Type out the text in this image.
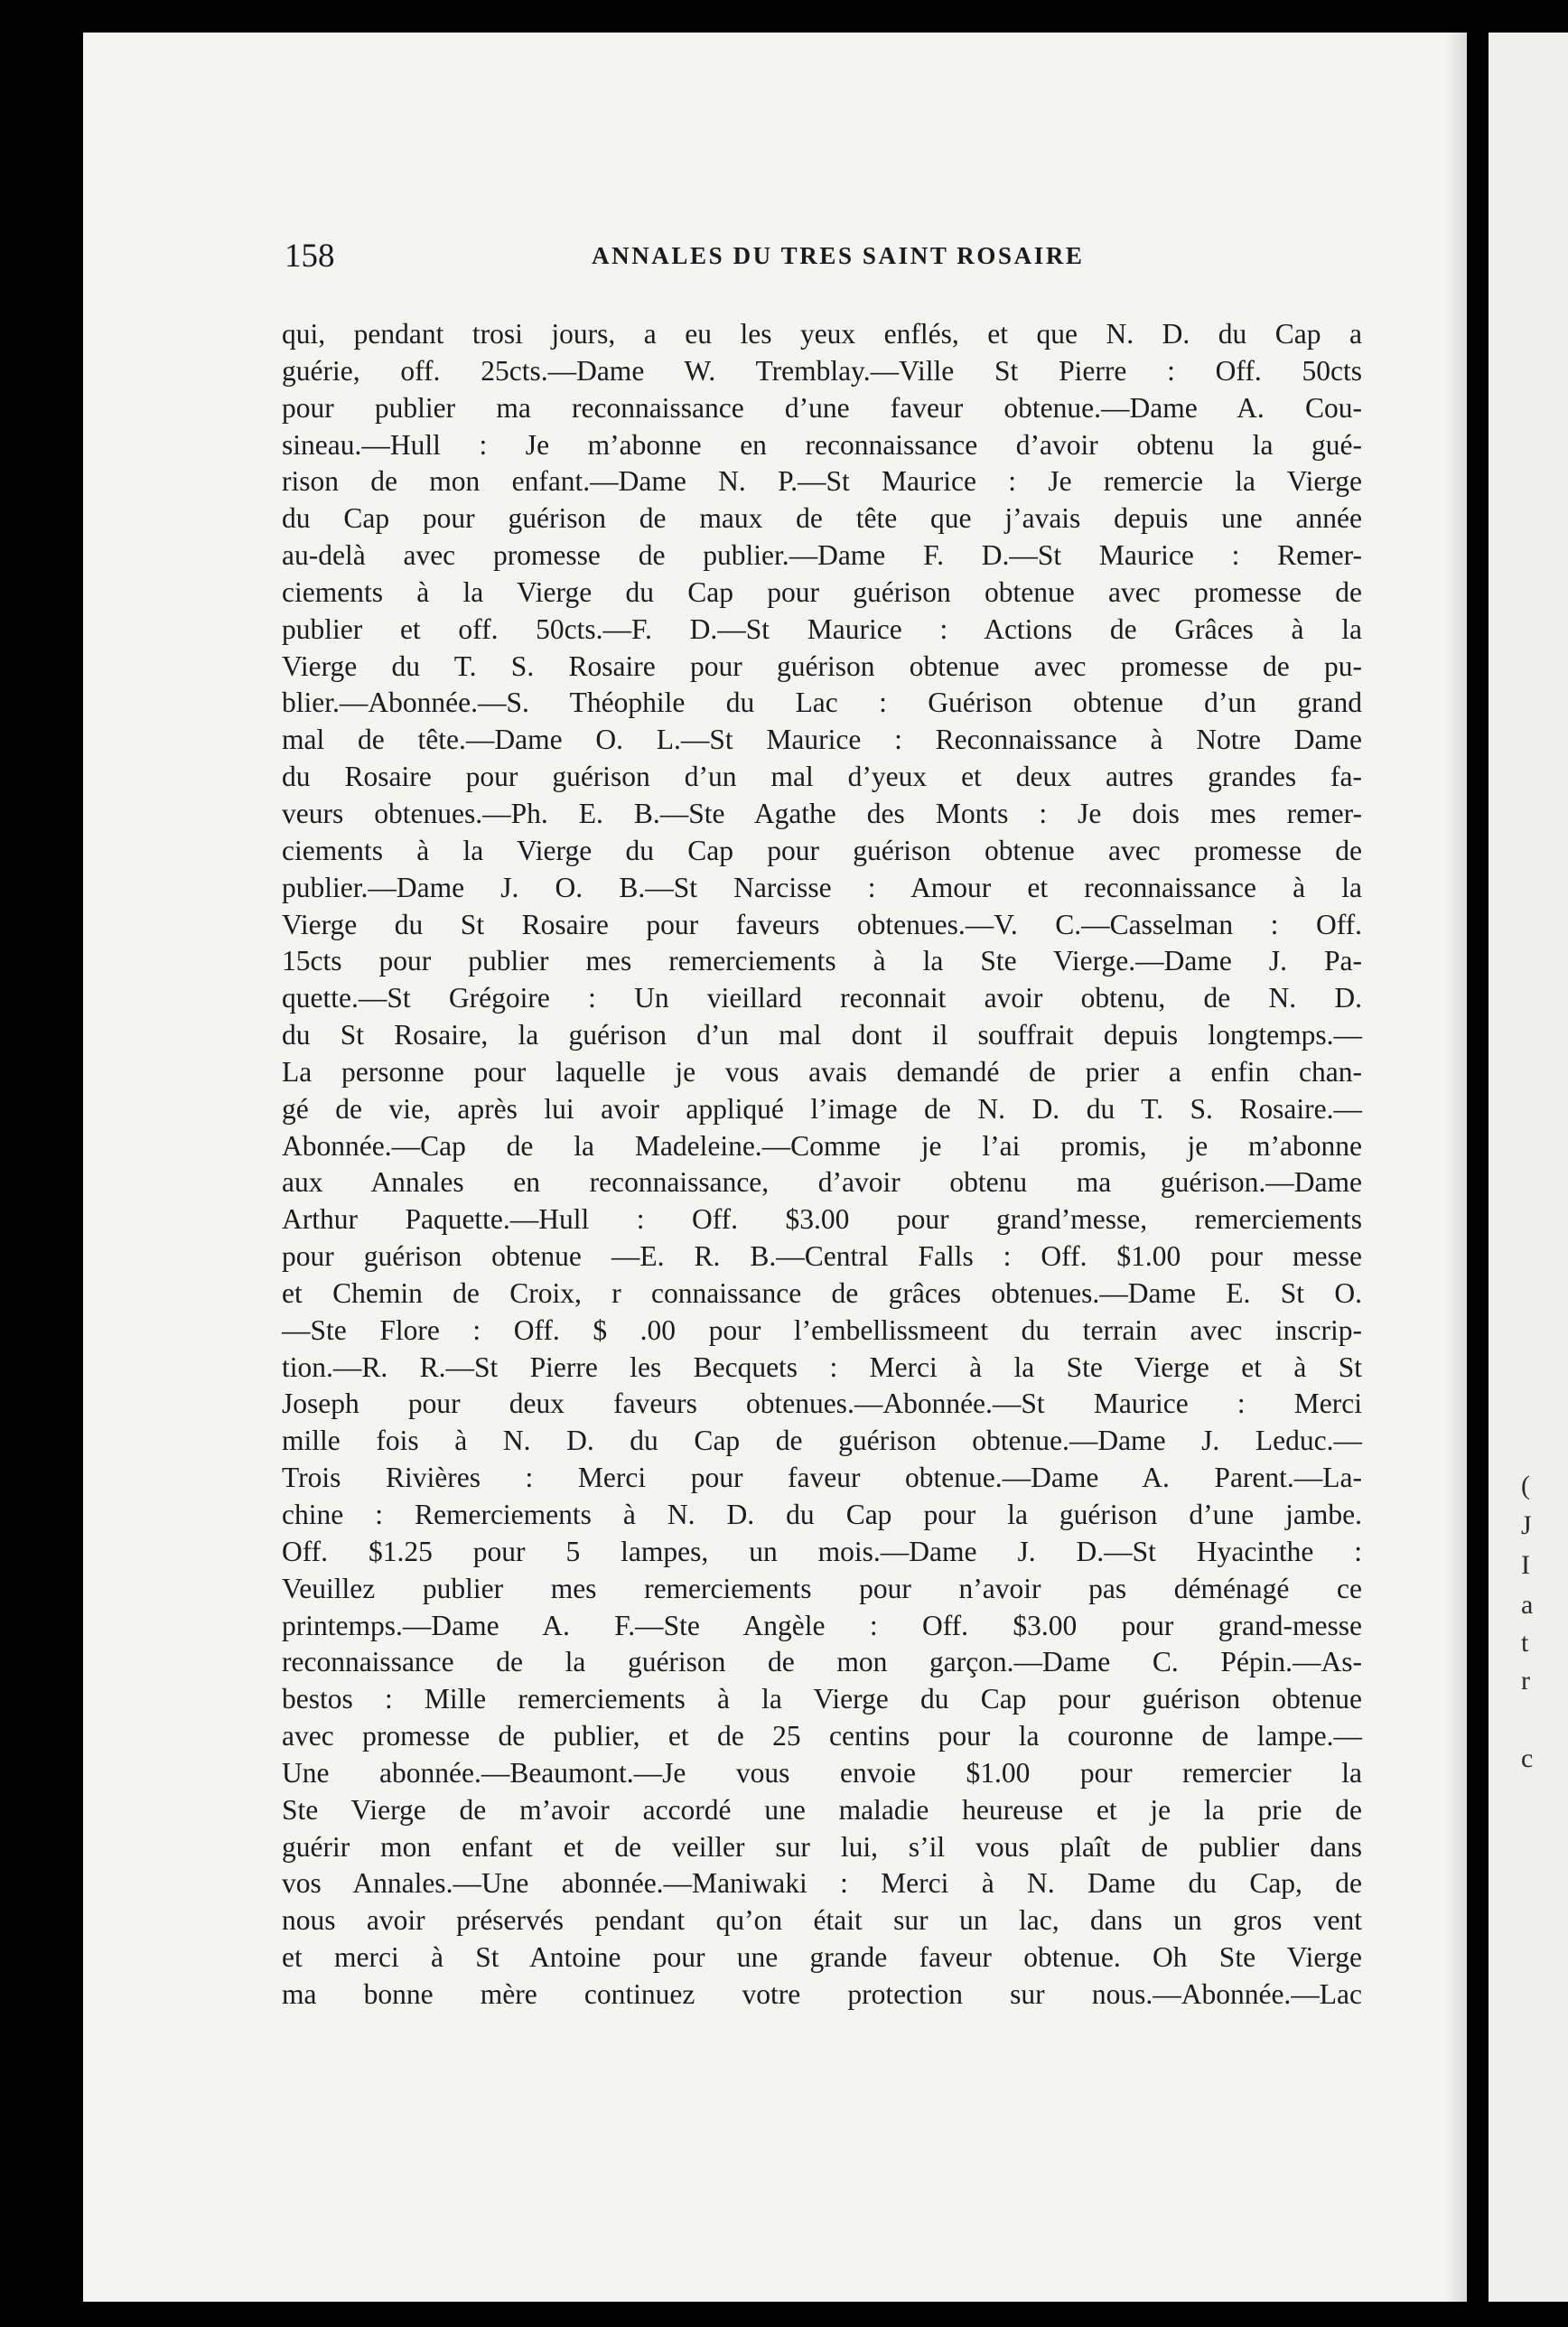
(
J
I
a
t
r
c
158	ANNALES DU TRES SAINT ROSAIRE
qui, pendant trosi jours, a eu les yeux enflés, et que N. D. du Cap a
guérie, off. 25cts.—Dame W. Tremblay.—Ville St Pierre : Off. 50cts
pour publier ma reconnaissance d’une faveur obtenue.—Dame A. Cou-
sineau.—Hull : Je m’abonne en reconnaissance d’avoir obtenu la gué-
rison de mon enfant.—Dame N. P.—St Maurice : Je remercie la Vierge
du Cap pour guérison de maux de tête que j’avais depuis une année
au-delà avec promesse de publier.—Dame F. D.—St Maurice : Remer-
ciements à la Vierge du Cap pour guérison obtenue avec promesse de
publier et off. 50cts.—F. D.—St Maurice : Actions de Grâces à la
Vierge du T. S. Rosaire pour guérison obtenue avec promesse de pu-
blier.—Abonnée.—S. Théophile du Lac : Guérison obtenue d’un grand
mal de tête.—Dame O. L.—St Maurice : Reconnaissance à Notre Dame
du Rosaire pour guérison d’un mal d’yeux et deux autres grandes fa-
veurs obtenues.—Ph. E. B.—Ste Agathe des Monts : Je dois mes remer-
ciements à la Vierge du Cap pour guérison obtenue avec promesse de
publier.—Dame J. O. B.—St Narcisse : Amour et reconnaissance à la
Vierge du St Rosaire pour faveurs obtenues.—V. C.—Casselman : Off.
15cts pour publier mes remerciements à la Ste Vierge.—Dame J. Pa-
quette.—St Grégoire : Un vieillard reconnait avoir obtenu, de N. D.
du St Rosaire, la guérison d’un mal dont il souffrait depuis longtemps.—
La personne pour laquelle je vous avais demandé de prier a enfin chan-
gé de vie, après lui avoir appliqué l’image de N. D. du T. S. Rosaire.—
Abonnée.—Cap de la Madeleine.—Comme je l’ai promis, je m’abonne
aux Annales en reconnaissance, d’avoir obtenu ma guérison.—Dame
Arthur Paquette.—Hull : Off. $3.00 pour grand’messe, remerciements
pour guérison obtenue —E. R. B.—Central Falls : Off. $1.00 pour messe
et Chemin de Croix, r connaissance de grâces obtenues.—Dame E. St O.
—Ste Flore : Off. $ .00 pour l’embellissmeent du terrain avec inscrip-
tion.—R. R.—St Pierre les Becquets : Merci à la Ste Vierge et à St
Joseph pour deux faveurs obtenues.—Abonnée.—St Maurice : Merci
mille fois à N. D. du Cap de guérison obtenue.—Dame J. Leduc.—
Trois Rivières : Merci pour faveur obtenue.—Dame A. Parent.—La-
chine : Remerciements à N. D. du Cap pour la guérison d’une jambe.
Off. $1.25 pour 5 lampes, un mois.—Dame J. D.—St Hyacinthe :
Veuillez publier mes remerciements pour n’avoir pas déménagé ce
printemps.—Dame A. F.—Ste Angèle : Off. $3.00 pour grand-messe
reconnaissance de la guérison de mon garçon.—Dame C. Pépin.—As-
bestos : Mille remerciements à la Vierge du Cap pour guérison obtenue
avec promesse de publier, et de 25 centins pour la couronne de lampe.—
Une abonnée.—Beaumont.—Je vous envoie $1.00 pour remercier la
Ste Vierge de m’avoir accordé une maladie heureuse et je la prie de
guérir mon enfant et de veiller sur lui, s’il vous plaît de publier dans
vos Annales.—Une abonnée.—Maniwaki : Merci à N. Dame du Cap, de
nous avoir préservés pendant qu’on était sur un lac, dans un gros vent
et merci à St Antoine pour une grande faveur obtenue. Oh Ste Vierge
ma bonne mère continuez votre protection sur nous.—Abonnée.—Lac
